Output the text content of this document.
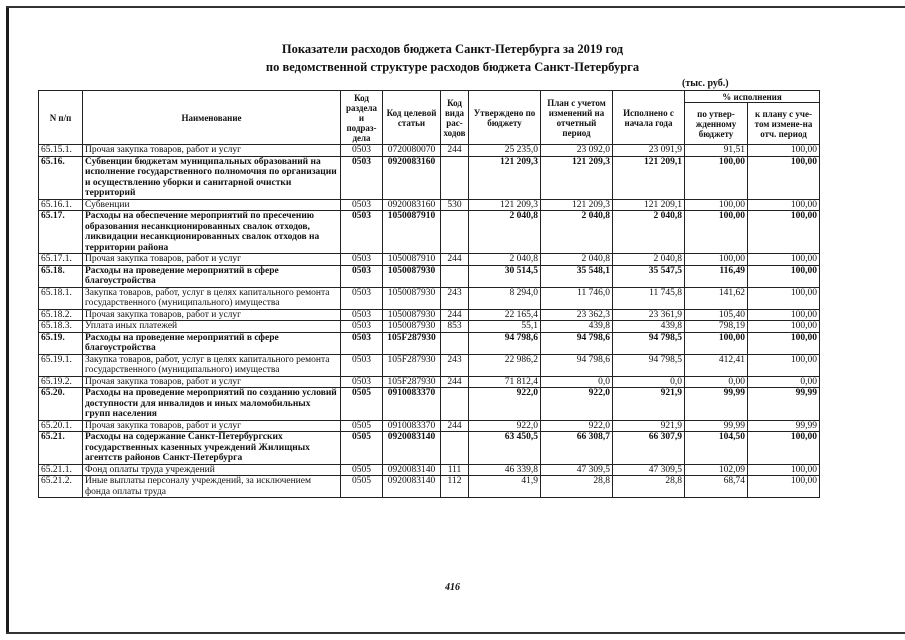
Показатели расходов бюджета Санкт-Петербурга за 2019 год
по ведомственной структуре расходов бюджета Санкт-Петербурга
(тыс. руб.)
N п/п	Наименование	Код раздела и подраз-дела	Код целевой статьи	Код вида рас-ходов	Утверждено по бюджету	План с учетом изменений на отчетный период	Исполнено с начала года	% исполнения	
								по утвер-жденному бюджету	к плану с уче-том измене-на отч. период
65.15.1.	Прочая закупка товаров, работ и услуг	0503	0720080070	244	25 235,0	23 092,0	23 091,9	91,51	100,00
65.16.	Субвенции бюджетам муниципальных образований на исполнение государственного полномочия по организации и осуществлению уборки и санитарной очистки территорий	0503	0920083160		121 209,3	121 209,3	121 209,1	100,00	100,00
65.16.1.	Субвенции	0503	0920083160	530	121 209,3	121 209,3	121 209,1	100,00	100,00
65.17.	Расходы на обеспечение мероприятий по пресечению образования несанкционированных свалок отходов, ликвидации несанкционированных свалок отходов на территории района	0503	1050087910		2 040,8	2 040,8	2 040,8	100,00	100,00
65.17.1.	Прочая закупка товаров, работ и услуг	0503	1050087910	244	2 040,8	2 040,8	2 040,8	100,00	100,00
65.18.	Расходы на проведение мероприятий в сфере благоустройства	0503	1050087930		30 514,5	35 548,1	35 547,5	116,49	100,00
65.18.1.	Закупка товаров, работ, услуг в целях капитального ремонта государственного (муниципального) имущества	0503	1050087930	243	8 294,0	11 746,0	11 745,8	141,62	100,00
65.18.2.	Прочая закупка товаров, работ и услуг	0503	1050087930	244	22 165,4	23 362,3	23 361,9	105,40	100,00
65.18.3.	Уплата иных платежей	0503	1050087930	853	55,1	439,8	439,8	798,19	100,00
65.19.	Расходы на проведение мероприятий в сфере благоустройства	0503	105F287930		94 798,6	94 798,6	94 798,5	100,00	100,00
65.19.1.	Закупка товаров, работ, услуг в целях капитального ремонта государственного (муниципального) имущества	0503	105F287930	243	22 986,2	94 798,6	94 798,5	412,41	100,00
65.19.2.	Прочая закупка товаров, работ и услуг	0503	105F287930	244	71 812,4	0,0	0,0	0,00	0,00
65.20.	Расходы на проведение мероприятий по созданию условий доступности для инвалидов и иных маломобильных групп населения	0505	0910083370		922,0	922,0	921,9	99,99	99,99
65.20.1.	Прочая закупка товаров, работ и услуг	0505	0910083370	244	922,0	922,0	921,9	99,99	99,99
65.21.	Расходы на содержание Санкт-Петербургских государственных казенных учреждений Жилищных агентств районов Санкт-Петербурга	0505	0920083140		63 450,5	66 308,7	66 307,9	104,50	100,00
65.21.1.	Фонд оплаты труда учреждений	0505	0920083140	111	46 339,8	47 309,5	47 309,5	102,09	100,00
65.21.2.	Иные выплаты персоналу учреждений, за исключением фонда оплаты труда	0505	0920083140	112	41,9	28,8	28,8	68,74	100,00
416
